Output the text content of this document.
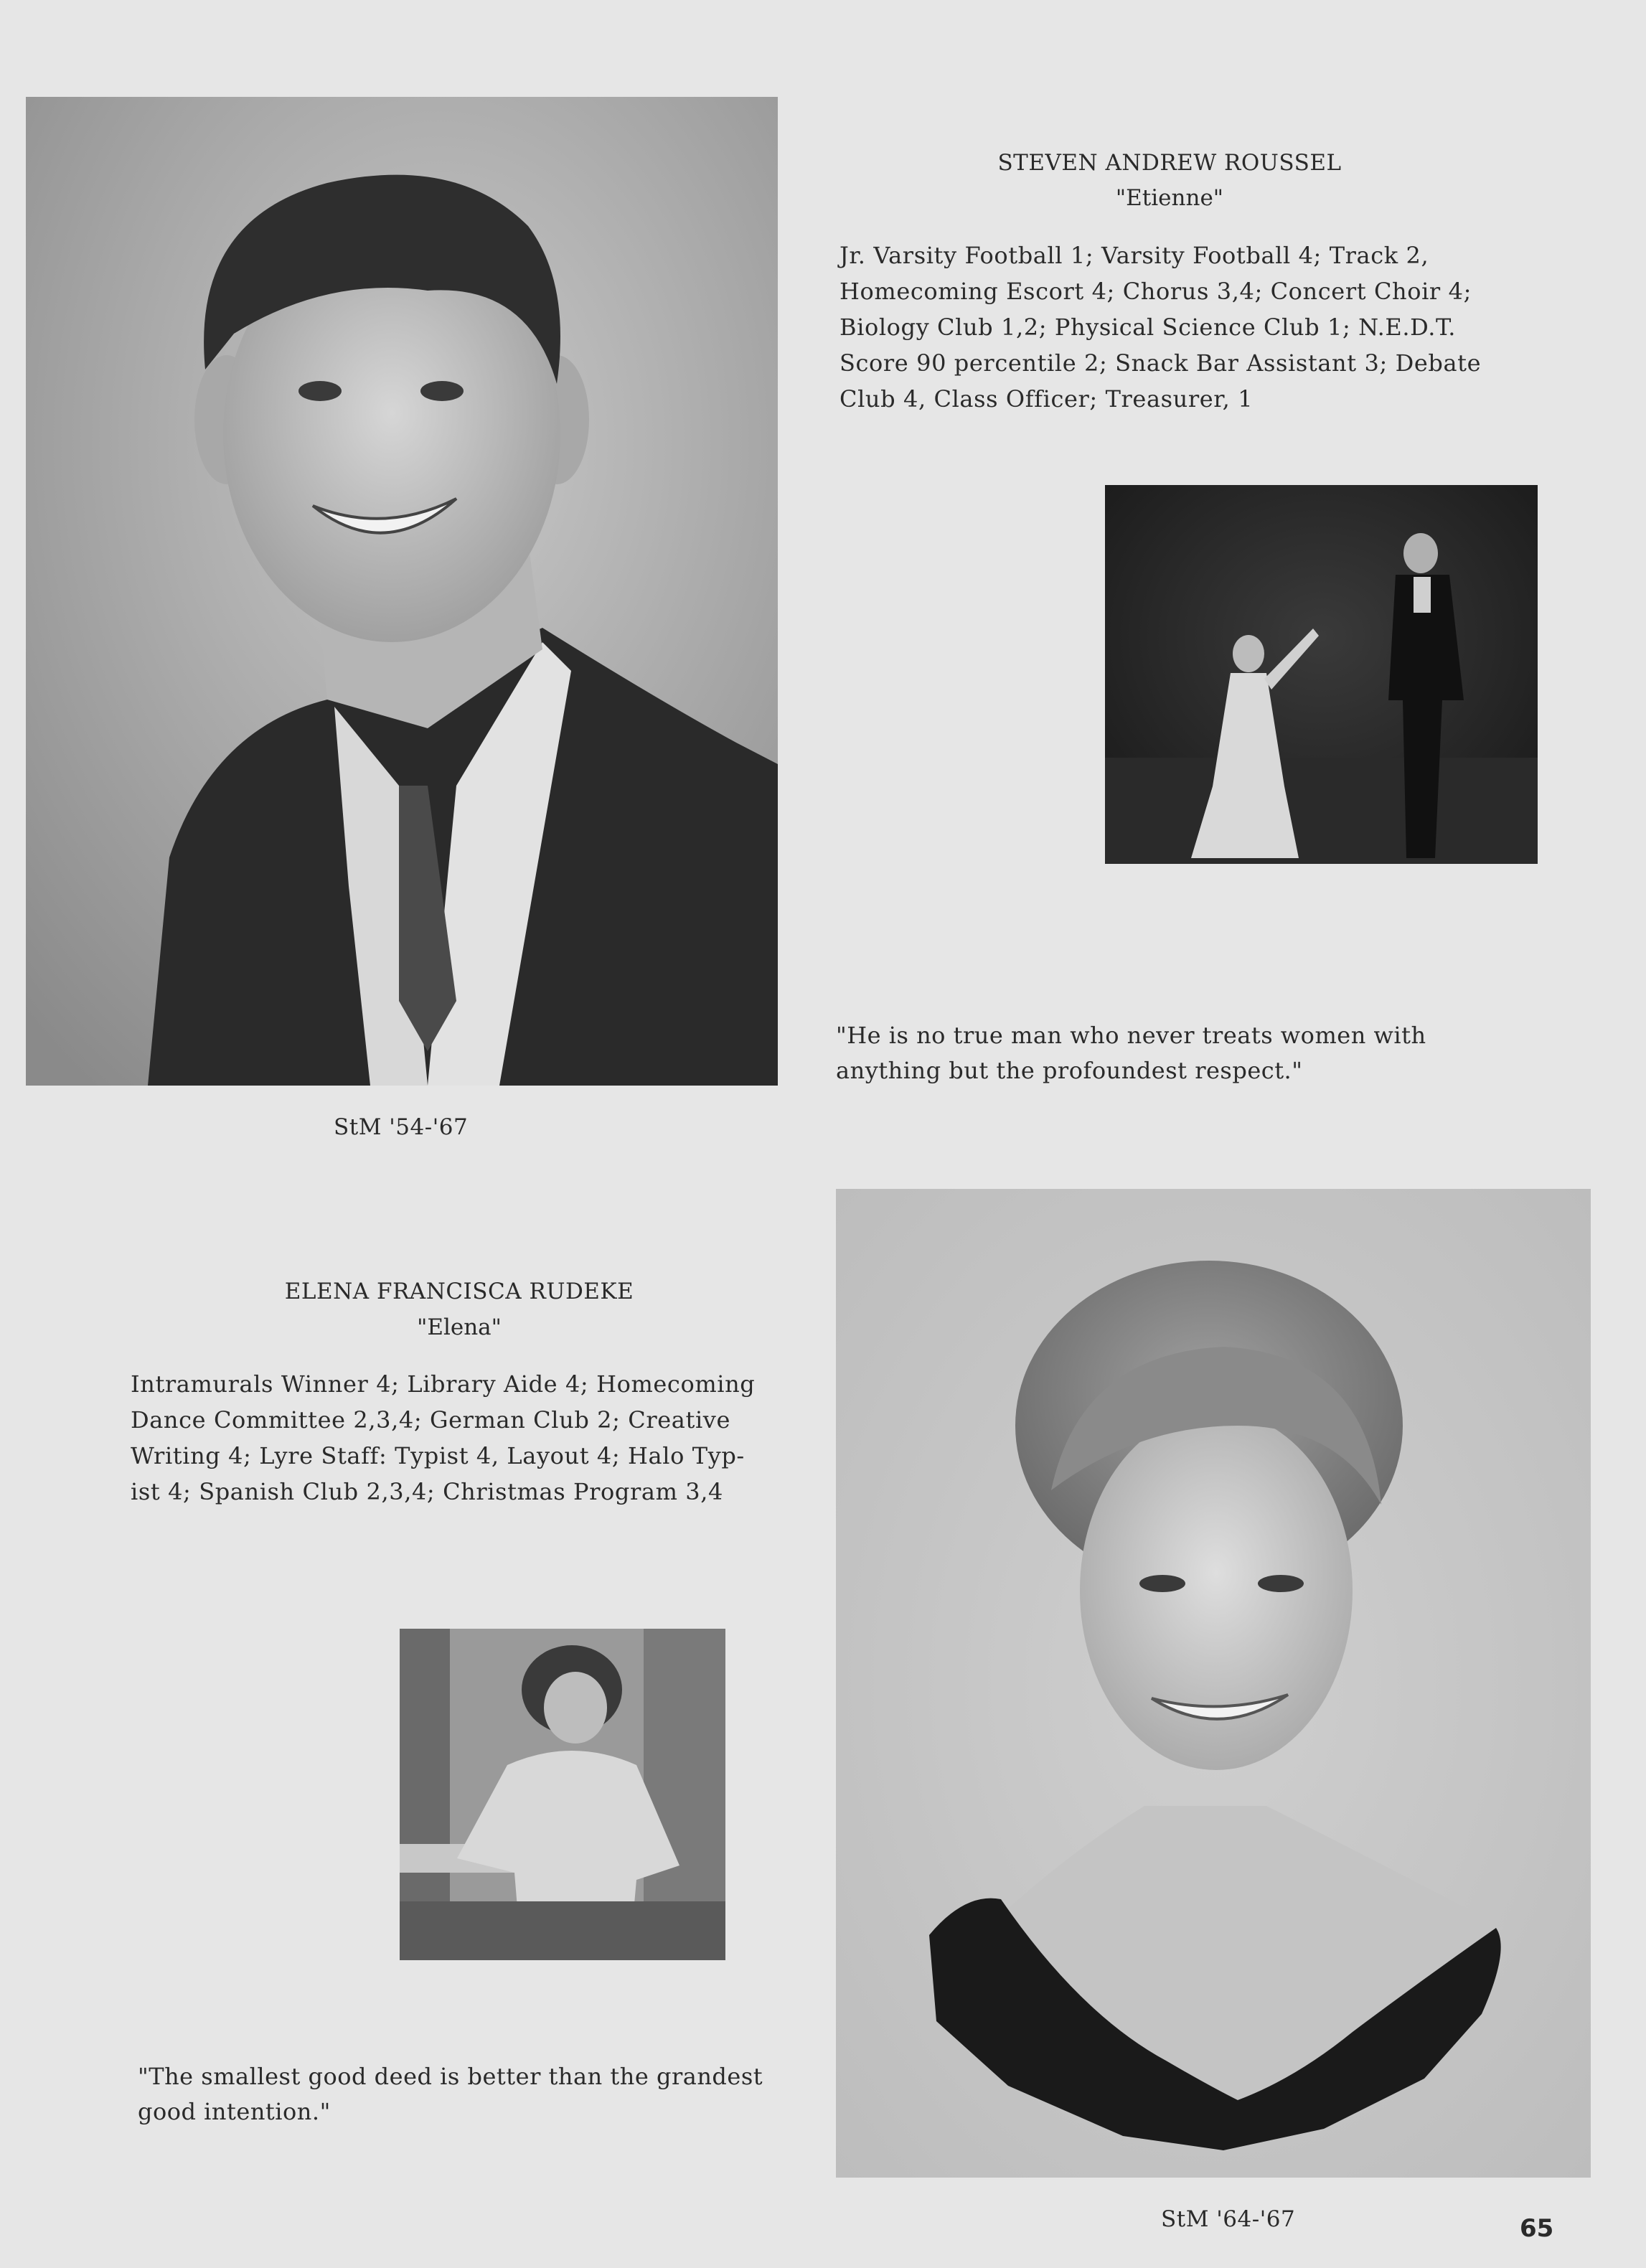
STEVEN ANDREW ROUSSEL
"Etienne"
Jr. Varsity Football 1; Varsity Football 4; Track 2,
Homecoming Escort 4; Chorus 3,4; Concert Choir 4;
Biology Club 1,2; Physical Science Club 1; N.E.D.T.
Score 90 percentile 2; Snack Bar Assistant 3; Debate
Club 4, Class Officer; Treasurer, 1
"He is no true man who never treats women with
anything but the profoundest respect."
StM '54-'67
ELENA FRANCISCA RUDEKE
"Elena"
Intramurals Winner 4; Library Aide 4; Homecoming
Dance Committee 2,3,4; German Club 2; Creative
Writing 4; Lyre Staff: Typist 4, Layout 4; Halo Typ-
ist 4; Spanish Club 2,3,4; Christmas Program 3,4
"The smallest good deed is better than the grandest
good intention."
StM '64-'67	65
